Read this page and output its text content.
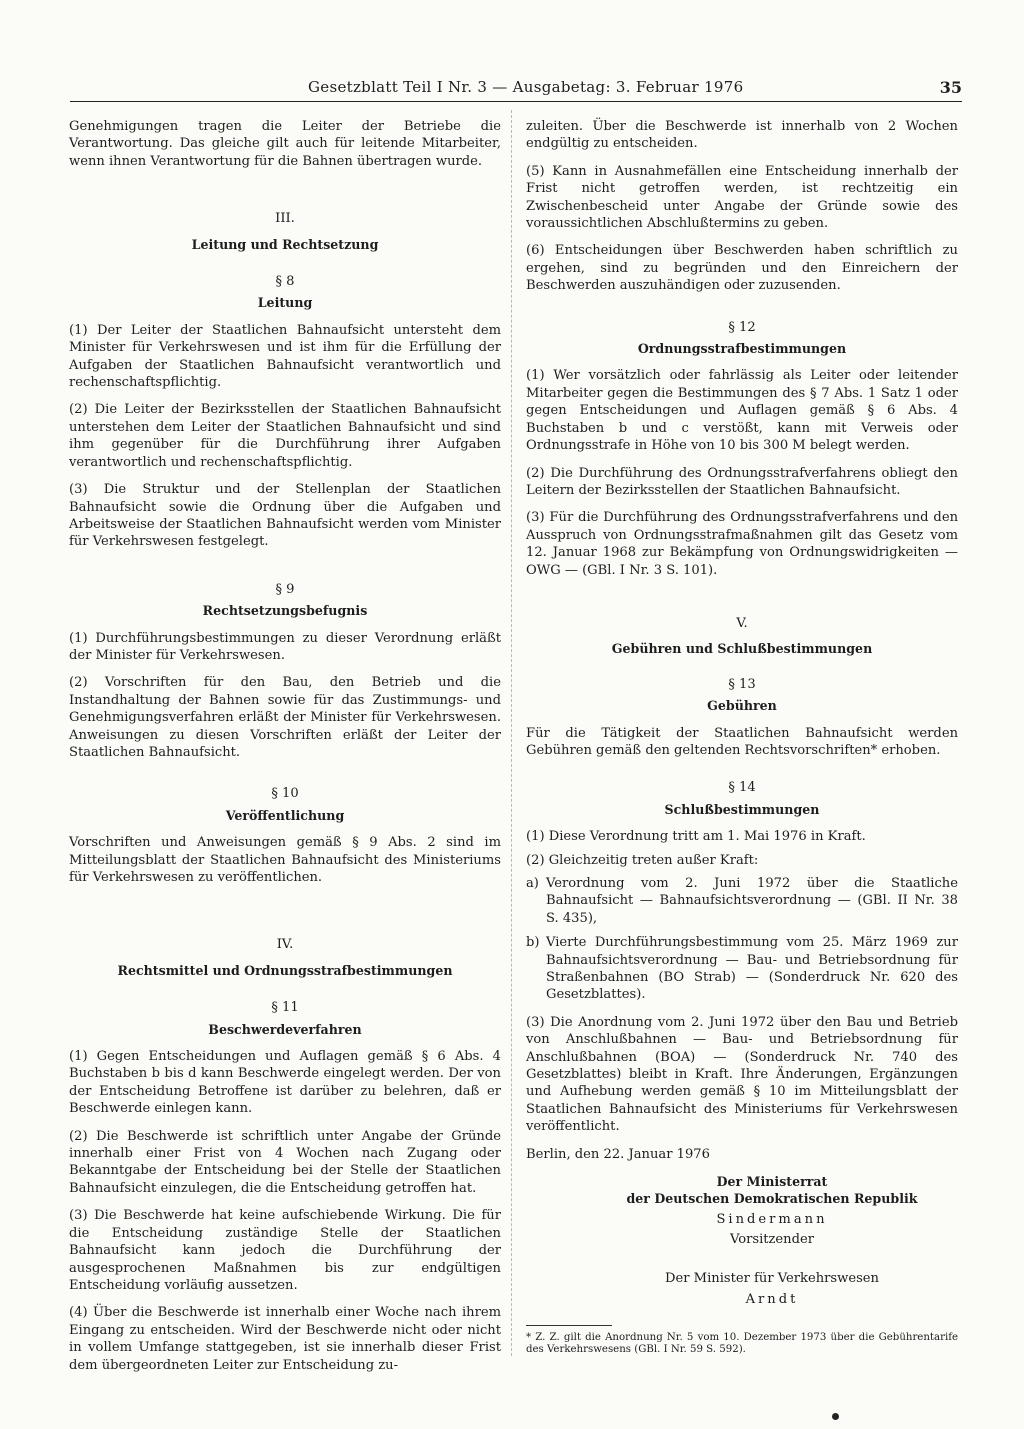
Gesetzblatt Teil I Nr. 3 — Ausgabetag: 3. Februar 1976	35

Genehmigungen tragen die Leiter der Betriebe die Verantwortung. Das gleiche gilt auch für leitende Mitarbeiter, wenn ihnen Verantwortung für die Bahnen übertragen wurde.

III.

Leitung und Rechtsetzung

§ 8

Leitung

(1) Der Leiter der Staatlichen Bahnaufsicht untersteht dem Minister für Verkehrswesen und ist ihm für die Erfüllung der Aufgaben der Staatlichen Bahnaufsicht verantwortlich und rechenschaftspflichtig.

(2) Die Leiter der Bezirksstellen der Staatlichen Bahnaufsicht unterstehen dem Leiter der Staatlichen Bahnaufsicht und sind ihm gegenüber für die Durchführung ihrer Aufgaben verantwortlich und rechenschaftspflichtig.

(3) Die Struktur und der Stellenplan der Staatlichen Bahnaufsicht sowie die Ordnung über die Aufgaben und Arbeitsweise der Staatlichen Bahnaufsicht werden vom Minister für Verkehrswesen festgelegt.

§ 9

Rechtsetzungsbefugnis

(1) Durchführungsbestimmungen zu dieser Verordnung erläßt der Minister für Verkehrswesen.

(2) Vorschriften für den Bau, den Betrieb und die Instandhaltung der Bahnen sowie für das Zustimmungs- und Genehmigungsverfahren erläßt der Minister für Verkehrswesen. Anweisungen zu diesen Vorschriften erläßt der Leiter der Staatlichen Bahnaufsicht.

§ 10

Veröffentlichung

Vorschriften und Anweisungen gemäß § 9 Abs. 2 sind im Mitteilungsblatt der Staatlichen Bahnaufsicht des Ministeriums für Verkehrswesen zu veröffentlichen.

IV.

Rechtsmittel und Ordnungsstrafbestimmungen

§ 11

Beschwerdeverfahren

(1) Gegen Entscheidungen und Auflagen gemäß § 6 Abs. 4 Buchstaben b bis d kann Beschwerde eingelegt werden. Der von der Entscheidung Betroffene ist darüber zu belehren, daß er Beschwerde einlegen kann.

(2) Die Beschwerde ist schriftlich unter Angabe der Gründe innerhalb einer Frist von 4 Wochen nach Zugang oder Bekanntgabe der Entscheidung bei der Stelle der Staatlichen Bahnaufsicht einzulegen, die die Entscheidung getroffen hat.

(3) Die Beschwerde hat keine aufschiebende Wirkung. Die für die Entscheidung zuständige Stelle der Staatlichen Bahnaufsicht kann jedoch die Durchführung der ausgesprochenen Maßnahmen bis zur endgültigen Entscheidung vorläufig aussetzen.

(4) Über die Beschwerde ist innerhalb einer Woche nach ihrem Eingang zu entscheiden. Wird der Beschwerde nicht oder nicht in vollem Umfange stattgegeben, ist sie innerhalb dieser Frist dem übergeordneten Leiter zur Entscheidung zu-

zuleiten. Über die Beschwerde ist innerhalb von 2 Wochen endgültig zu entscheiden.

(5) Kann in Ausnahmefällen eine Entscheidung innerhalb der Frist nicht getroffen werden, ist rechtzeitig ein Zwischenbescheid unter Angabe der Gründe sowie des voraussichtlichen Abschlußtermins zu geben.

(6) Entscheidungen über Beschwerden haben schriftlich zu ergehen, sind zu begründen und den Einreichern der Beschwerden auszuhändigen oder zuzusenden.

§ 12

Ordnungsstrafbestimmungen

(1) Wer vorsätzlich oder fahrlässig als Leiter oder leitender Mitarbeiter gegen die Bestimmungen des § 7 Abs. 1 Satz 1 oder gegen Entscheidungen und Auflagen gemäß § 6 Abs. 4 Buchstaben b und c verstößt, kann mit Verweis oder Ordnungsstrafe in Höhe von 10 bis 300 M belegt werden.

(2) Die Durchführung des Ordnungsstrafverfahrens obliegt den Leitern der Bezirksstellen der Staatlichen Bahnaufsicht.

(3) Für die Durchführung des Ordnungsstrafverfahrens und den Ausspruch von Ordnungsstrafmaßnahmen gilt das Gesetz vom 12. Januar 1968 zur Bekämpfung von Ordnungswidrigkeiten — OWG — (GBl. I Nr. 3 S. 101).

V.

Gebühren und Schlußbestimmungen

§ 13

Gebühren

Für die Tätigkeit der Staatlichen Bahnaufsicht werden Gebühren gemäß den geltenden Rechtsvorschriften* erhoben.

§ 14

Schlußbestimmungen

(1) Diese Verordnung tritt am 1. Mai 1976 in Kraft.

(2) Gleichzeitig treten außer Kraft:

a) Verordnung vom 2. Juni 1972 über die Staatliche Bahnaufsicht — Bahnaufsichtsverordnung — (GBl. II Nr. 38 S. 435),
b) Vierte Durchführungsbestimmung vom 25. März 1969 zur Bahnaufsichtsverordnung — Bau- und Betriebsordnung für Straßenbahnen (BO Strab) — (Sonderdruck Nr. 620 des Gesetzblattes).

(3) Die Anordnung vom 2. Juni 1972 über den Bau und Betrieb von Anschlußbahnen — Bau- und Betriebsordnung für Anschlußbahnen (BOA) — (Sonderdruck Nr. 740 des Gesetzblattes) bleibt in Kraft. Ihre Änderungen, Ergänzungen und Aufhebung werden gemäß § 10 im Mitteilungsblatt der Staatlichen Bahnaufsicht des Ministeriums für Verkehrswesen veröffentlicht.

Berlin, den 22. Januar 1976

Der Ministerrat

der Deutschen Demokratischen Republik

Sindermann

Vorsitzender

Der Minister für Verkehrswesen

Arndt

* Z. Z. gilt die Anordnung Nr. 5 vom 10. Dezember 1973 über die Gebührentarife des Verkehrswesens (GBl. I Nr. 59 S. 592).
